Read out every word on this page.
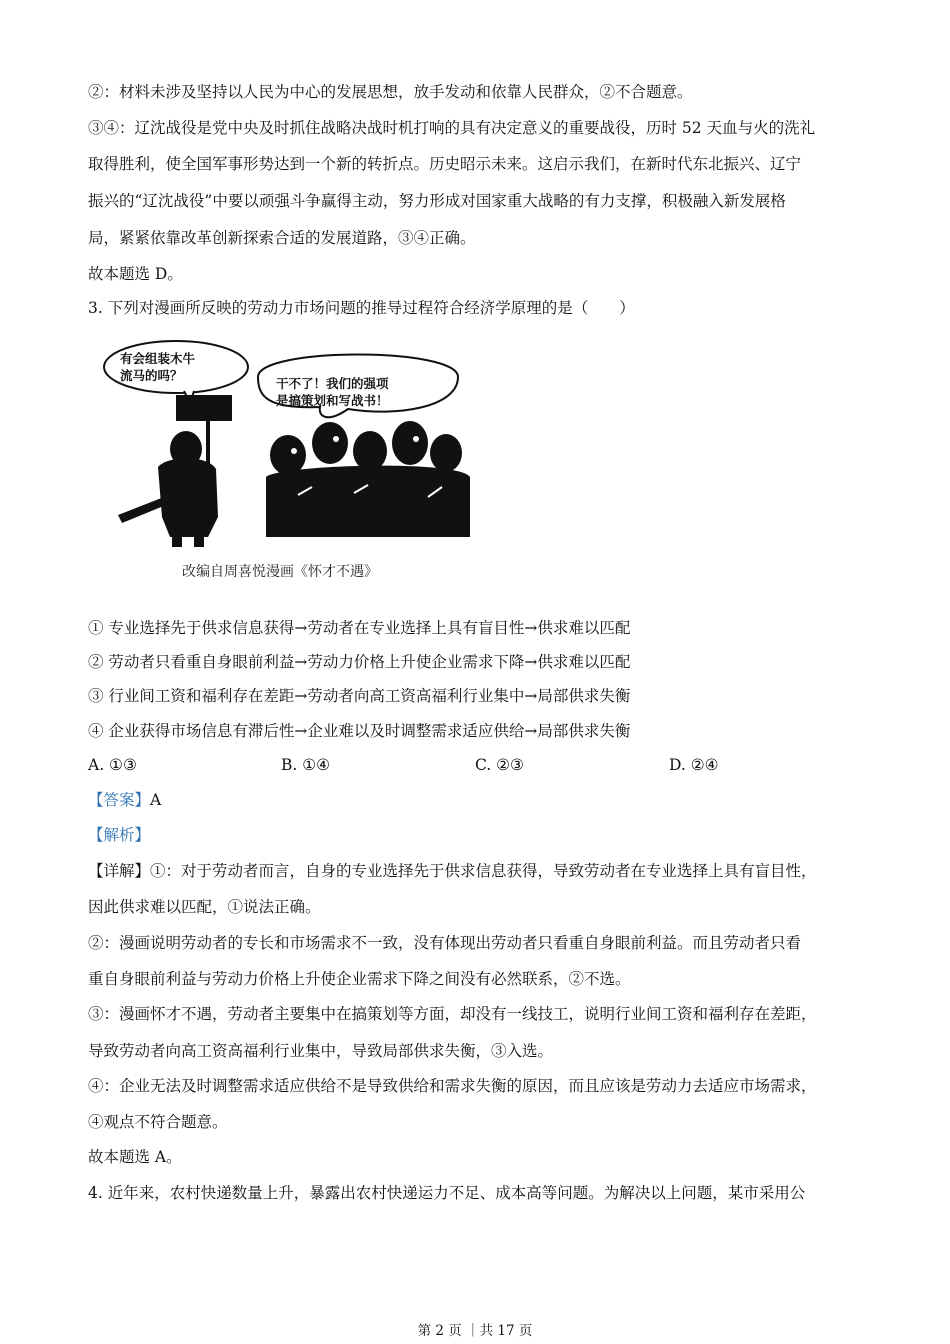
②：材料未涉及坚持以人民为中心的发展思想，放手发动和依靠人民群众，②不合题意。
③④：辽沈战役是党中央及时抓住战略决战时机打响的具有决定意义的重要战役，历时 52 天血与火的洗礼
取得胜利，使全国军事形势达到一个新的转折点。历史昭示未来。这启示我们，在新时代东北振兴、辽宁
振兴的“辽沈战役”中要以顽强斗争赢得主动，努力形成对国家重大战略的有力支撑，积极融入新发展格
局，紧紧依靠改革创新探索合适的发展道路，③④正确。
故本题选 D。
3. 下列对漫画所反映的劳动力市场问题的推导过程符合经济学原理的是（　　）
有会组装木牛
流马的吗？
干不了！我们的强项
是搞策划和写战书！
改编自周喜悦漫画《怀才不遇》
① 专业选择先于供求信息获得→劳动者在专业选择上具有盲目性→供求难以匹配
② 劳动者只看重自身眼前利益→劳动力价格上升使企业需求下降→供求难以匹配
③ 行业间工资和福利存在差距→劳动者向高工资高福利行业集中→局部供求失衡
④ 企业获得市场信息有滞后性→企业难以及时调整需求适应供给→局部供求失衡
A. ①③	B. ①④	C. ②③	D. ②④
【答案】A
【解析】
【详解】①：对于劳动者而言，自身的专业选择先于供求信息获得，导致劳动者在专业选择上具有盲目性，
因此供求难以匹配，①说法正确。
②：漫画说明劳动者的专长和市场需求不一致，没有体现出劳动者只看重自身眼前利益。而且劳动者只看
重自身眼前利益与劳动力价格上升使企业需求下降之间没有必然联系，②不选。
③：漫画怀才不遇，劳动者主要集中在搞策划等方面，却没有一线技工，说明行业间工资和福利存在差距，
导致劳动者向高工资高福利行业集中，导致局部供求失衡，③入选。
④：企业无法及时调整需求适应供给不是导致供给和需求失衡的原因，而且应该是劳动力去适应市场需求，
④观点不符合题意。
故本题选 A。
4. 近年来，农村快递数量上升，暴露出农村快递运力不足、成本高等问题。为解决以上问题，某市采用公
第 2 页 ｜共 17 页
